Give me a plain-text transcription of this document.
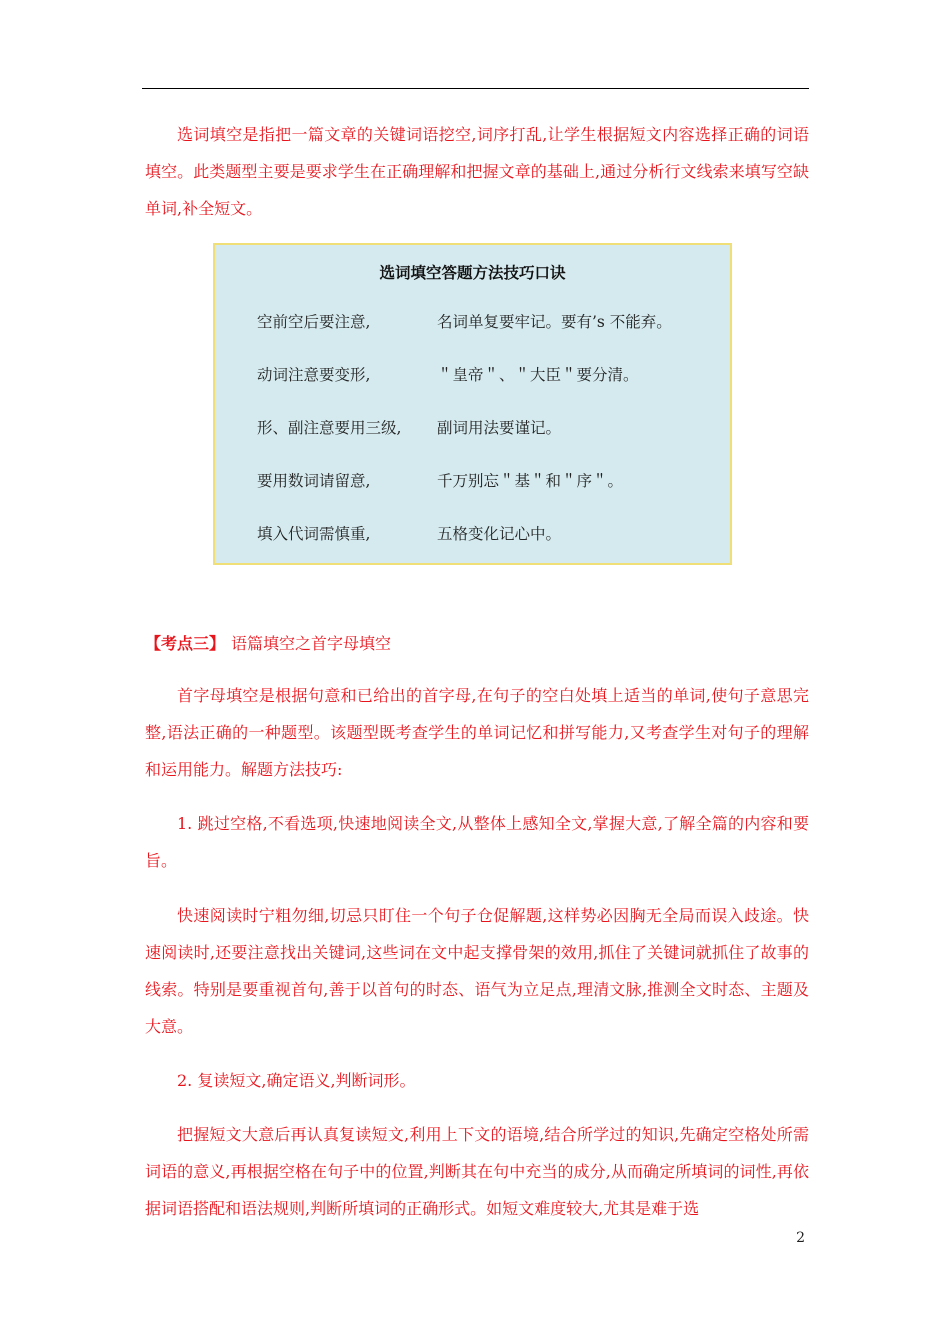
选词填空是指把一篇文章的关键词语挖空,词序打乱,让学生根据短文内容选择正确的词语填空。此类题型主要是要求学生在正确理解和把握文章的基础上,通过分析行文线索来填写空缺单词,补全短文。

选词填空答题方法技巧口诀
空前空后要注意,	名词单复要牢记。要有’s 不能弃。
动词注意要变形,	＂皇帝＂、＂大臣＂要分清。
形、副注意要用三级, 副词用法要谨记。
要用数词请留意,	千万别忘＂基＂和＂序＂。
填入代词需慎重,	五格变化记心中。
【考点三】 语篇填空之首字母填空

首字母填空是根据句意和已给出的首字母,在句子的空白处填上适当的单词,使句子意思完整,语法正确的一种题型。该题型既考查学生的单词记忆和拼写能力,又考查学生对句子的理解和运用能力。解题方法技巧:

1. 跳过空格,不看选项,快速地阅读全文,从整体上感知全文,掌握大意,了解全篇的内容和要旨。

快速阅读时宁粗勿细,切忌只盯住一个句子仓促解题,这样势必因胸无全局而误入歧途。快速阅读时,还要注意找出关键词,这些词在文中起支撑骨架的效用,抓住了关键词就抓住了故事的线索。特别是要重视首句,善于以首句的时态、语气为立足点,理清文脉,推测全文时态、主题及大意。

2. 复读短文,确定语义,判断词形。

把握短文大意后再认真复读短文,利用上下文的语境,结合所学过的知识,先确定空格处所需词语的意义,再根据空格在句子中的位置,判断其在句中充当的成分,从而确定所填词的词性,再依据词语搭配和语法规则,判断所填词的正确形式。如短文难度较大,尤其是难于选

2
